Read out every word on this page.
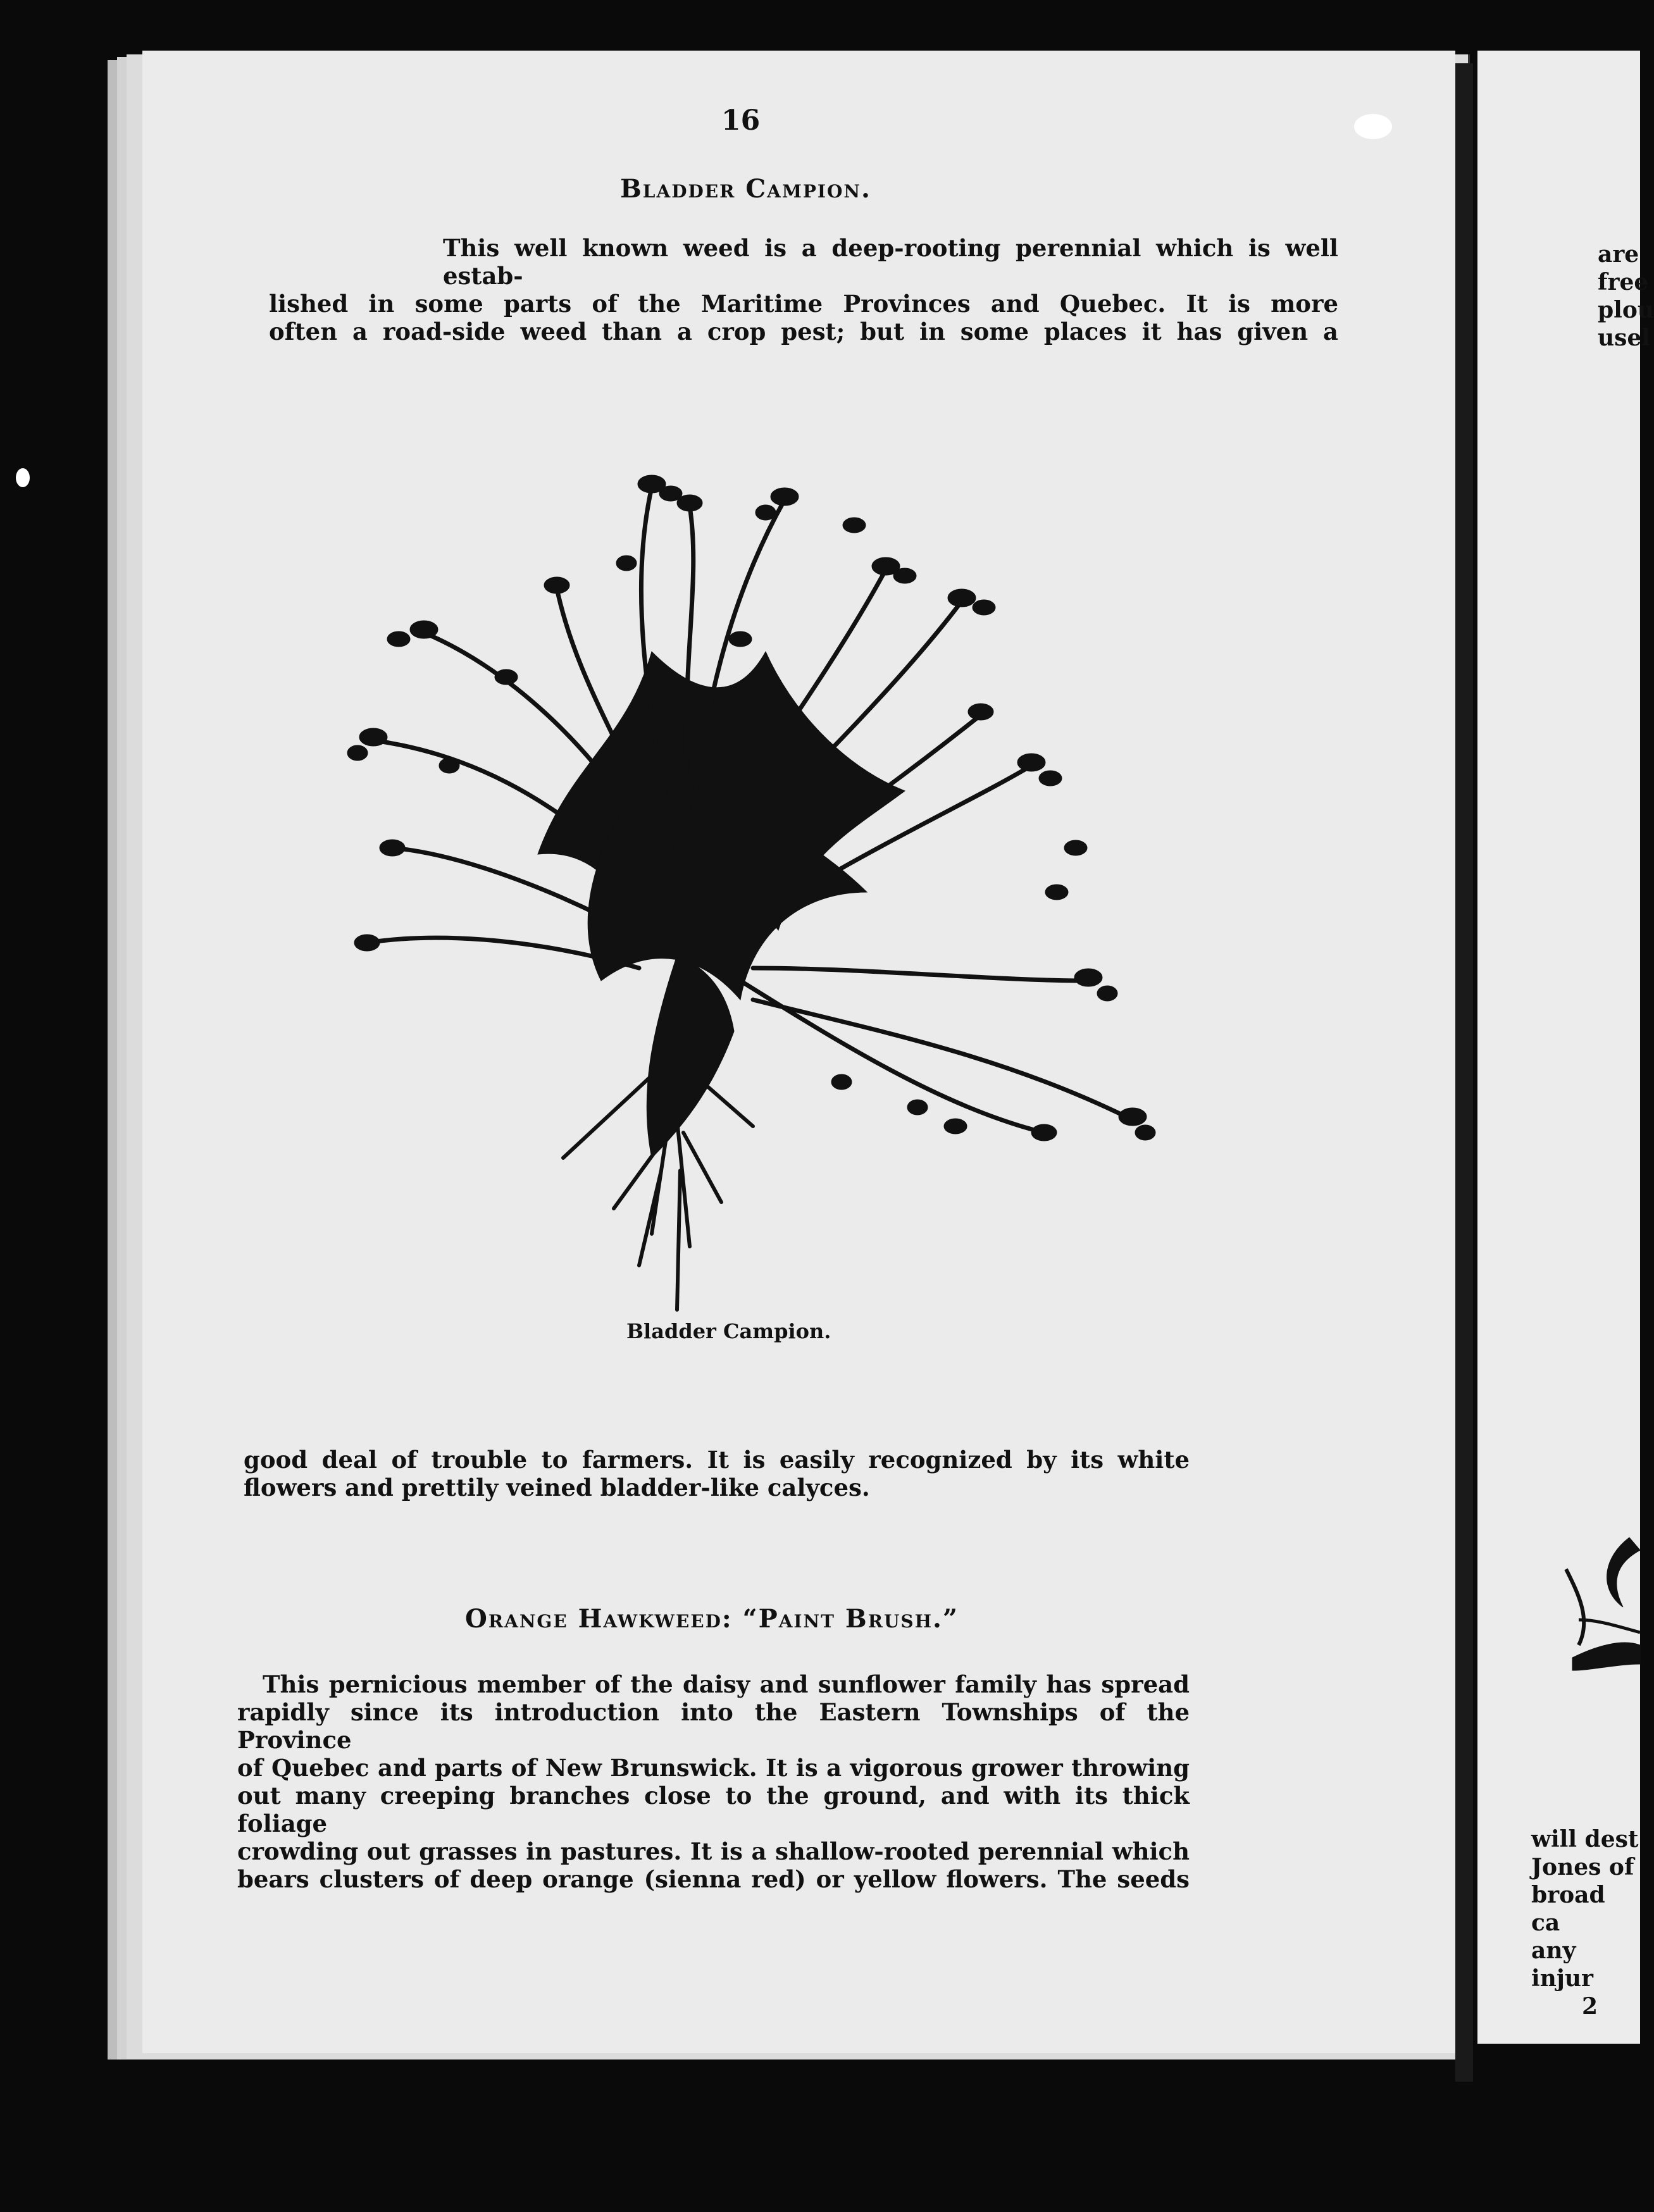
16
Bladder Campion.
This well known weed is a deep-rooting perennial which is well estab-
lished in some parts of the Maritime Provinces and Quebec. It is more
often a road-side weed than a crop pest; but in some places it has given a
Bladder Campion.
good deal of trouble to farmers. It is easily recognized by its white
flowers and prettily veined bladder-like calyces.
Orange Hawkweed: “Paint Brush.”
This pernicious member of the daisy and sunflower family has spread
rapidly since its introduction into the Eastern Townships of the Province
of Quebec and parts of New Brunswick. It is a vigorous grower throwing
out many creeping branches close to the ground, and with its thick foliage
crowding out grasses in pastures. It is a shallow-rooted perennial which
bears clusters of deep orange (sienna red) or yellow flowers. The seeds
are
free
plou
usel
will dest
Jones of
broad ca
any injur
2
